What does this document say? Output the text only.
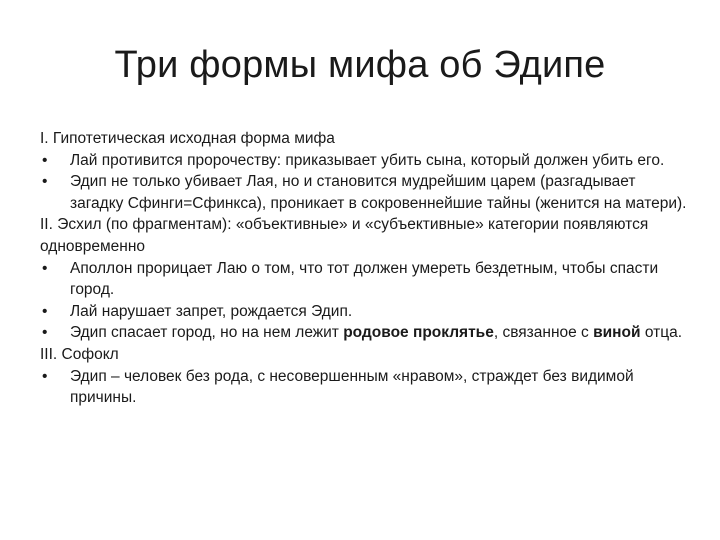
Три формы мифа об Эдипе
I. Гипотетическая исходная форма мифа
• Лай противится пророчеству: приказывает убить сына, который должен убить его.
• Эдип не только убивает Лая, но и становится мудрейшим царем (разгадывает загадку Сфинги=Сфинкса), проникает в сокровеннейшие тайны (женится на матери).
II. Эсхил (по фрагментам): «объективные» и «субъективные» категории появляются одновременно
• Аполлон прорицает Лаю о том, что тот должен умереть бездетным, чтобы спасти город.
• Лай нарушает запрет, рождается Эдип.
• Эдип спасает город, но на нем лежит родовое проклятье, связанное с виной отца.
III. Софокл
• Эдип – человек без рода, с несовершенным «нравом», страждет без видимой причины.
